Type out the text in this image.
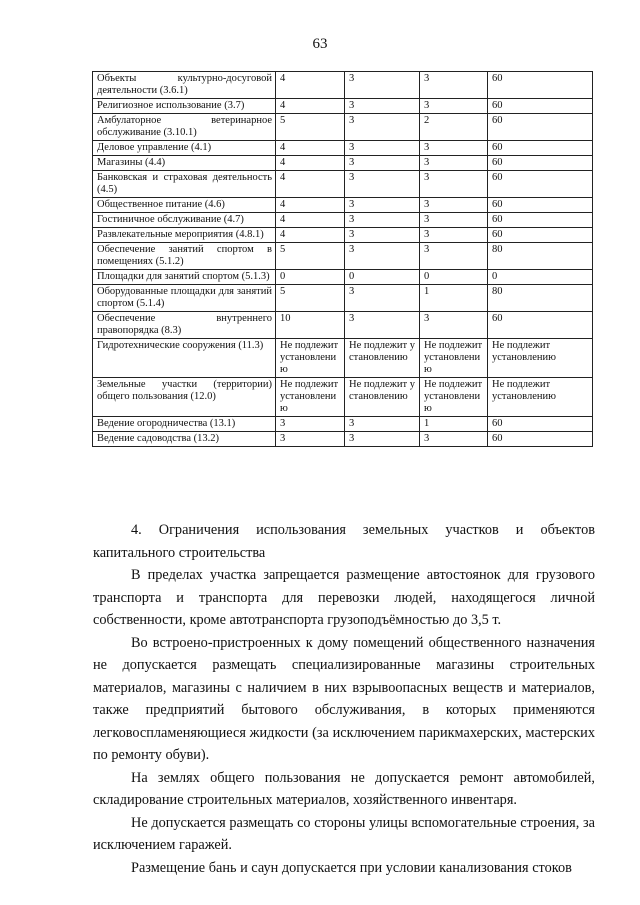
63
Объекты культурно-досуговой деятельности (3.6.1)	4	3	3	60
Религиозное использование (3.7)	4	3	3	60
Амбулаторное ветеринарное обслуживание (3.10.1)	5	3	2	60
Деловое управление (4.1)	4	3	3	60
Магазины (4.4)	4	3	3	60
Банковская и страховая деятельность (4.5)	4	3	3	60
Общественное питание (4.6)	4	3	3	60
Гостиничное обслуживание (4.7)	4	3	3	60
Развлекательные мероприятия (4.8.1)	4	3	3	60
Обеспечение занятий спортом в помещениях (5.1.2)	5	3	3	80
Площадки для занятий спортом (5.1.3)	0	0	0	0
Оборудованные площадки для занятий спортом (5.1.4)	5	3	1	80
Обеспечение внутреннего правопорядка (8.3)	10	3	3	60
Гидротехнические сооружения (11.3)	Не подлежит установлению	Не подлежит установлению	Не подлежит установлению	Не подлежит установлению
Земельные участки (территории) общего пользования (12.0)	Не подлежит установлению	Не подлежит установлению	Не подлежит установлению	Не подлежит установлению
Ведение огородничества (13.1)	3	3	1	60
Ведение садоводства (13.2)	3	3	3	60

4. Ограничения использования земельных участков и объектов капитального строительства

В пределах участка запрещается размещение автостоянок для грузового транспорта и транспорта для перевозки людей, находящегося личной собственности, кроме автотранспорта грузоподъёмностью до 3,5 т.

Во встроено-пристроенных к дому помещений общественного назначения не допускается размещать специализированные магазины строительных материалов, магазины с наличием в них взрывоопасных веществ и материалов, также предприятий бытового обслуживания, в которых применяются легковоспламеняющиеся жидкости (за исключением парикмахерских, мастерских по ремонту обуви).

На землях общего пользования не допускается ремонт автомобилей, складирование строительных материалов, хозяйственного инвентаря.

Не допускается размещать со стороны улицы вспомогательные строения, за исключением гаражей.

Размещение бань и саун допускается при условии канализования стоков
